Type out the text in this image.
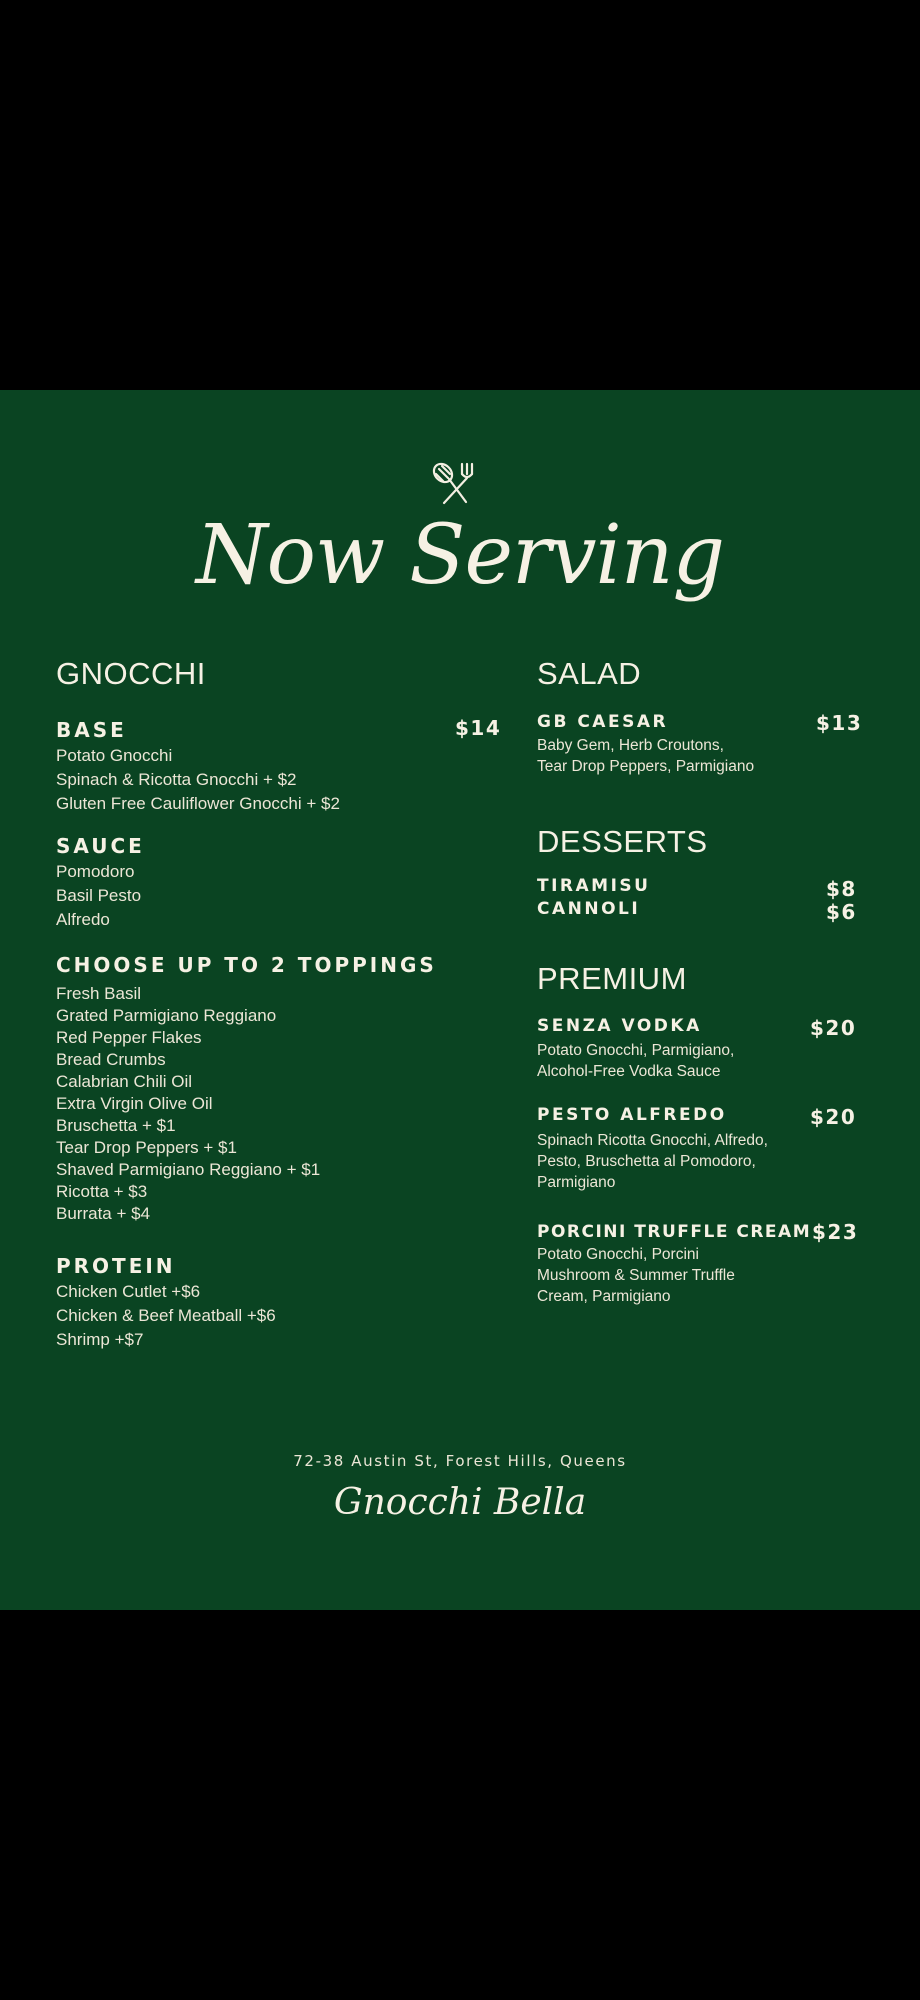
Now Serving
GNOCCHI
BASE	$14
Potato Gnocchi
Spinach & Ricotta Gnocchi + $2
Gluten Free Cauliflower Gnocchi + $2
SAUCE
Pomodoro
Basil Pesto
Alfredo
CHOOSE UP TO 2 TOPPINGS
Fresh Basil
Grated Parmigiano Reggiano
Red Pepper Flakes
Bread Crumbs
Calabrian Chili Oil
Extra Virgin Olive Oil
Bruschetta + $1
Tear Drop Peppers + $1
Shaved Parmigiano Reggiano + $1
Ricotta + $3
Burrata + $4
PROTEIN
Chicken Cutlet +$6
Chicken & Beef Meatball +$6
Shrimp +$7
SALAD
GB CAESAR	$13
Baby Gem, Herb Croutons,
Tear Drop Peppers, Parmigiano
DESSERTS
TIRAMISU	$8
CANNOLI	$6
PREMIUM
SENZA VODKA	$20
Potato Gnocchi, Parmigiano,
Alcohol-Free Vodka Sauce
PESTO ALFREDO	$20
Spinach Ricotta Gnocchi, Alfredo,
Pesto, Bruschetta al Pomodoro,
Parmigiano
PORCINI TRUFFLE CREAM $23
Potato Gnocchi, Porcini
Mushroom & Summer Truffle
Cream, Parmigiano
72-38 Austin St, Forest Hills, Queens
Gnocchi Bella
